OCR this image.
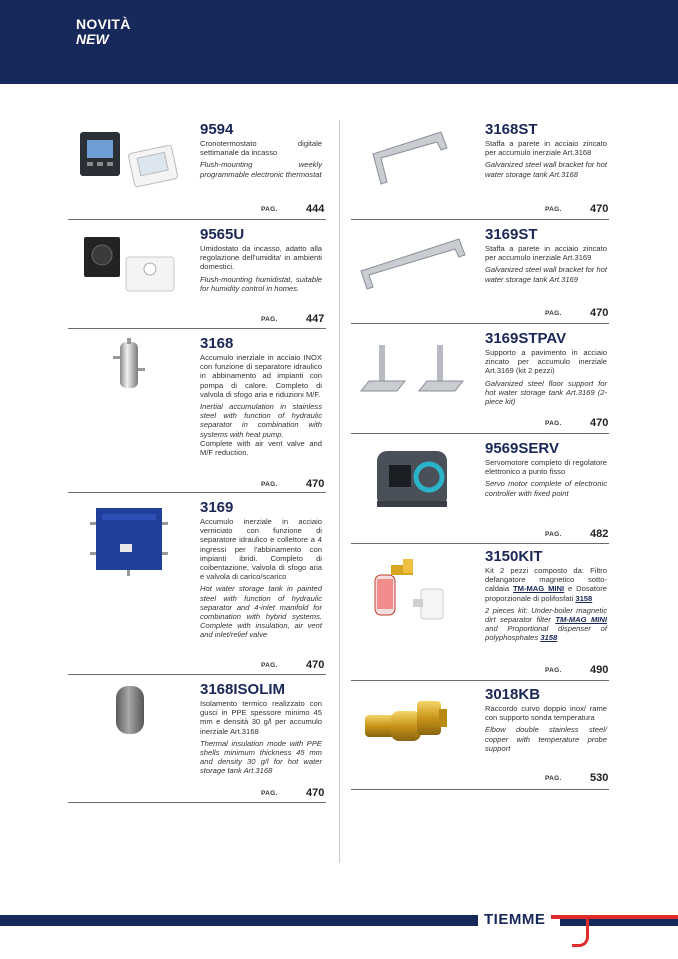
NOVITÀ
NEW
9594
Cronotermostato digitale settimanale da incasso
Flush-mounting weekly programmable electronic thermostat
PAG.	444
9565U
Umidostato da incasso, adatto alla regolazione dell'umidita' in ambienti domestici.
Flush-mounting humidistat, suitable for humidity control in homes.
PAG.	447
3168
Accumulo inerziale in acciaio INOX con funzione di separatore idraulico in abbinamento ad impianti con pompa di calore. Completo di valvola di sfogo aria e riduzioni M/F.
Inertial accumulation in stainless steel with function of hydraulic separator in combination with systems with heat pump.
Complete with air vent valve and M/F reduction.
PAG.	470
3169
Accumulo inerziale in acciaio verniciato con funzione di separatore idraulico e collettore a 4 ingressi per l'abbinamento con impianti ibridi. Completo di coibentazione, valvola di sfogo aria e valvola di carico/scarico
Hot water storage tank in painted steel with function of hydraulic separator and 4-inlet manifold for combination with hybrid systems. Complete with insulation, air vent and inlet/relief valve
PAG.	470
3168ISOLIM
Isolamento termico realizzato con gusci in PPE spessore minimo 45 mm e densità 30 g/l per accumulo inerziale Art.3168
Thermal insulation mode with PPE shells minimum thickness 45 mm and density 30 g/l for hot water storage tank Art.3168
PAG.	470
3168ST
Staffa a parete in acciaio zincato per accumulo inerziale Art.3168
Galvanized steel wall bracket for hot water storage tank Art.3168
PAG.	470
3169ST
Staffa a parete in acciaio zincato per accumulo inerziale Art.3169
Galvanized steel wall bracket for hot water storage tank Art.3169
PAG.	470
3169STPAV
Supporto a pavimento in acciaio zincato per accumulo inerziale Art.3169 (kit 2 pezzi)
Galvanized steel floor support for hot water storage tank Art.3169 (2-piece kit)
PAG.	470
9569SERV
Servomotore completo di regolatore elettronico a punto fisso
Servo motor complete of electronic controller with fixed point
PAG.	482
3150KIT
Kit 2 pezzi composto da: Filtro defangatore magnetico sotto-caldaia TM-MAG MINI e Dosatore proporzionale di polifosfati 3158
2 pieces kit: Under-boiler magnetic dirt separator filter TM-MAG MINI and Proportional dispenser of polyphosphates 3158
PAG.	490
3018KB
Raccordo curvo doppio inox/ rame con supporto sonda temperatura
Elbow double stainless steel/ copper with temperature probe support
PAG.	530
TIEMME
